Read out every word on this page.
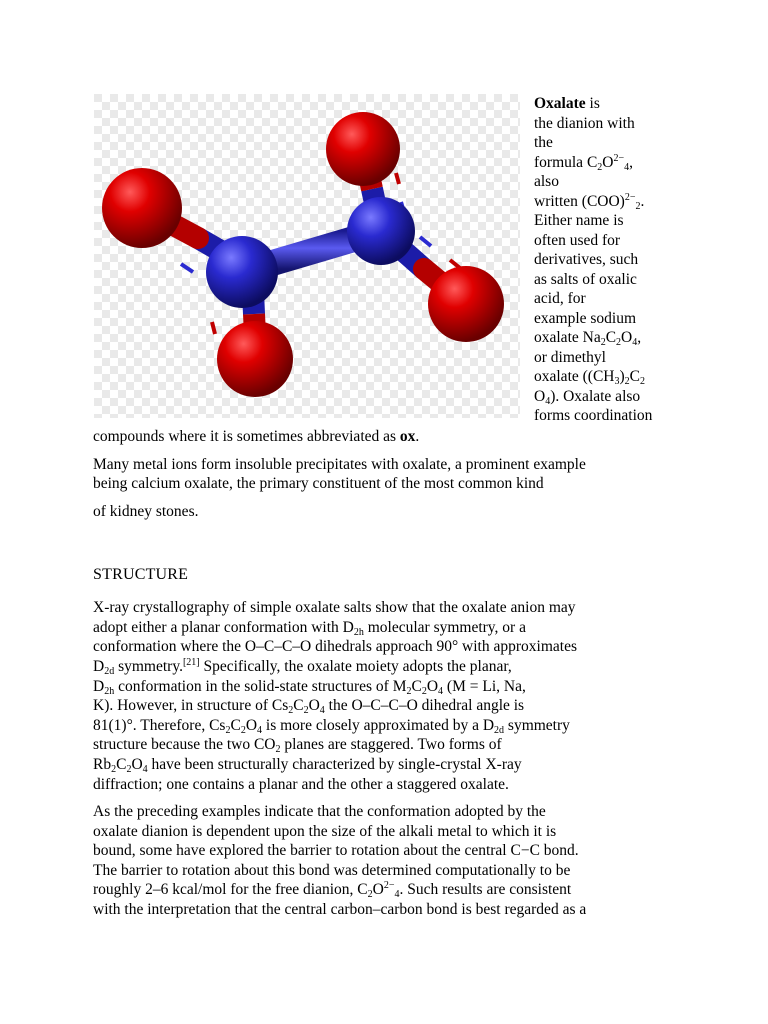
Oxalate is
the dianion with
the
formula $C_2O^{2-}_4$,
also
written (COO)$^{2-}_2$.
Either name is
often used for
derivatives, such
as salts of oxalic
acid, for
example sodium
oxalate $Na_2C_2O_4$,
or dimethyl
oxalate ($(CH_3)_2C_2$
$O_4$). Oxalate also
forms coordination
compounds where it is sometimes abbreviated as ox.
Many metal ions form insoluble precipitates with oxalate, a prominent example
being calcium oxalate, the primary constituent of the most common kind
of kidney stones.
STRUCTURE
X-ray crystallography of simple oxalate salts show that the oxalate anion may
adopt either a planar conformation with $D_{2h}$ molecular symmetry, or a
conformation where the O–C–C–O dihedrals approach 90° with approximates
$D_{2d}$ symmetry.[21] Specifically, the oxalate moiety adopts the planar,
$D_{2h}$ conformation in the solid-state structures of $M_2C_2O_4$ (M = Li, Na,
K). However, in structure of $Cs_2C_2O_4$ the O–C–C–O dihedral angle is
81(1)°. Therefore, $Cs_2C_2O_4$ is more closely approximated by a $D_{2d}$ symmetry
structure because the two $CO_2$ planes are staggered. Two forms of
$Rb_2C_2O_4$ have been structurally characterized by single-crystal X-ray
diffraction; one contains a planar and the other a staggered oxalate.
As the preceding examples indicate that the conformation adopted by the
oxalate dianion is dependent upon the size of the alkali metal to which it is
bound, some have explored the barrier to rotation about the central C−C bond.
The barrier to rotation about this bond was determined computationally to be
roughly 2–6 kcal/mol for the free dianion, $C_2O^{2-}_4$. Such results are consistent
with the interpretation that the central carbon–carbon bond is best regarded as a
